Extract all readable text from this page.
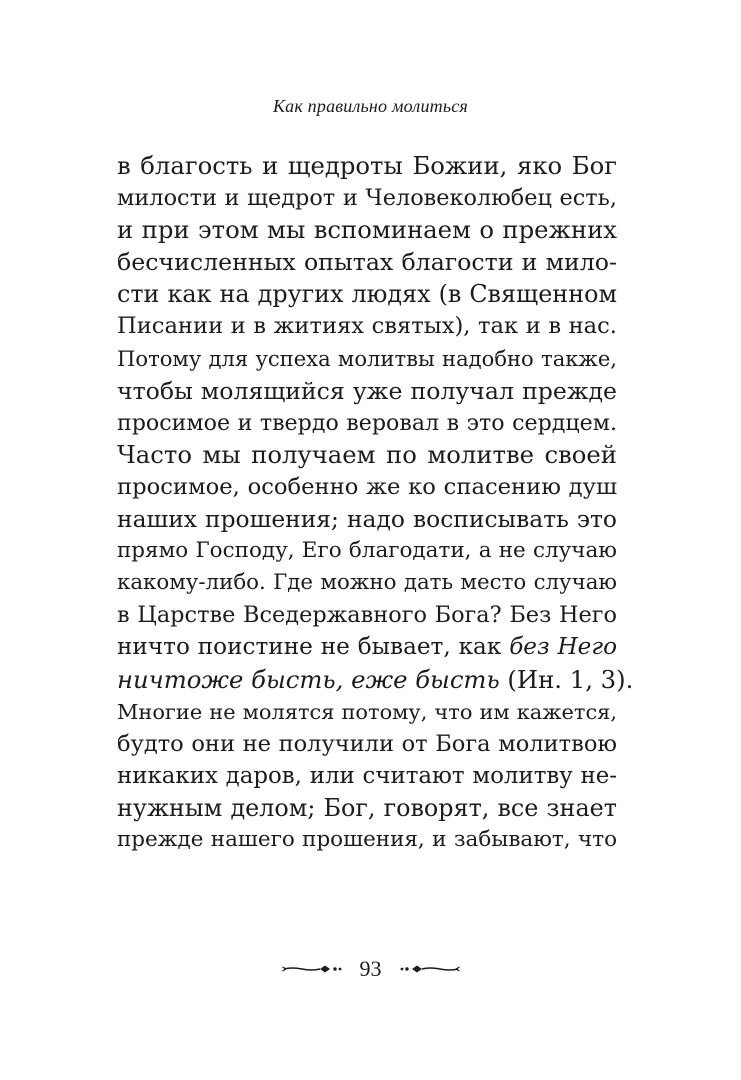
Как правильно молиться
в благость и щедроты Божии, яко Бог
милости и щедрот и Человеколюбец есть,
и при этом мы вспоминаем о прежних
бесчисленных опытах благости и мило-
сти как на других людях (в Священном
Писании и в житиях святых), так и в нас.
Потому для успеха молитвы надобно также,
чтобы молящийся уже получал прежде
просимое и твердо веровал в это сердцем.
Часто мы получаем по молитве своей
просимое, особенно же ко спасению душ
наших прошения; надо воcписывать это
прямо Господу, Его благодати, а не случаю
какому-либо. Где можно дать место случаю
в Царстве Вседержавного Бога? Без Него
ничто поистине не бывает, как без Него
ничтоже бысть, еже бысть (Ин. 1, 3).
Многие не молятся потому, что им кажется,
будто они не получили от Бога молитвою
никаких даров, или считают молитву не-
нужным делом; Бог, говорят, все знает
прежде нашего прошения, и забывают, что
93
